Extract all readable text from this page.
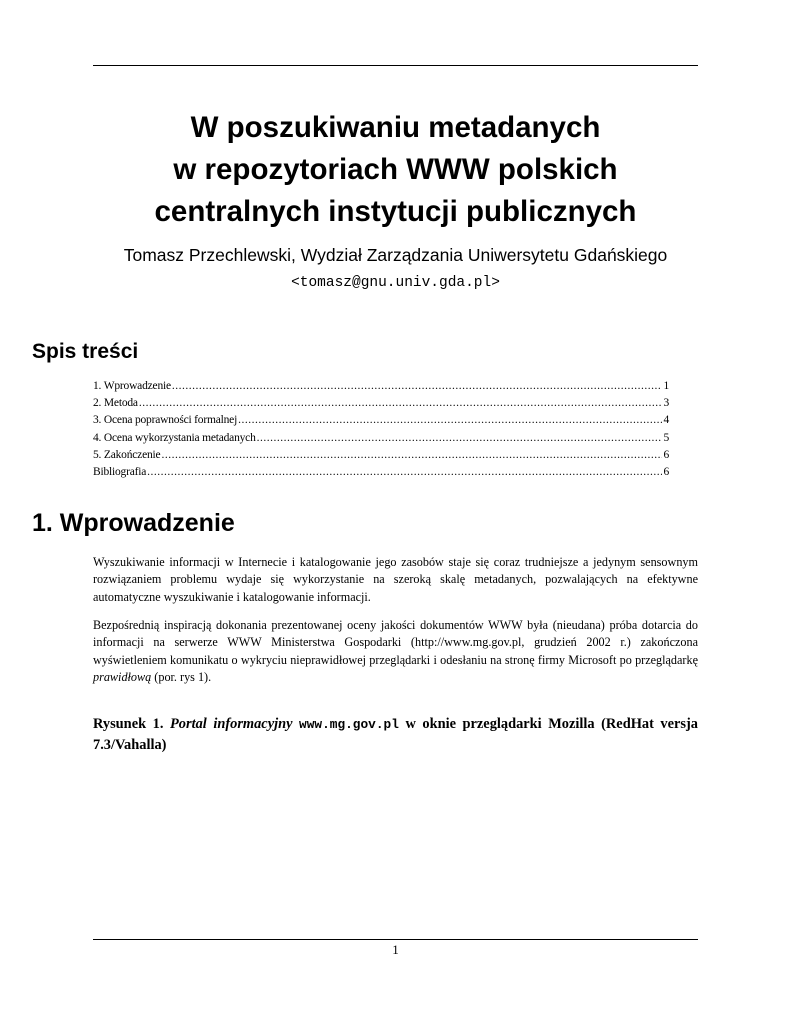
W poszukiwaniu metadanych
w repozytoriach WWW polskich
centralnych instytucji publicznych
Tomasz Przechlewski, Wydział Zarządzania Uniwersytetu Gdańskiego
<tomasz@gnu.univ.gda.pl>
Spis treści
1. Wprowadzenie .....	1
2. Metoda .....	3
3. Ocena poprawności formalnej .....	4
4. Ocena wykorzystania metadanych .....	5
5. Zakończenie .....	6
Bibliografia .....	6
1. Wprowadzenie

Wyszukiwanie informacji w Internecie i katalogowanie jego zasobów staje się coraz trudniejsze a jedynym sensownym rozwiązaniem problemu wydaje się wykorzystanie na szeroką skalę metadanych, pozwalających na efektywne automatyczne wyszukiwanie i katalogowanie informacji.

Bezpośrednią inspiracją dokonania prezentowanej oceny jakości dokumentów WWW była (nieudana) próba dotarcia do informacji na serwerze WWW Ministerstwa Gospodarki (http://www.mg.gov.pl, grudzień 2002 r.) zakończona wyświetleniem komunikatu o wykryciu nieprawidłowej przeglądarki i odesłaniu na stronę firmy Microsoft po przeglądarkę prawidłową (por. rys 1).

Rysunek 1. Portal informacyjny www.mg.gov.pl w oknie przeglądarki Mozilla (RedHat versja 7.3/Vahalla)

1
